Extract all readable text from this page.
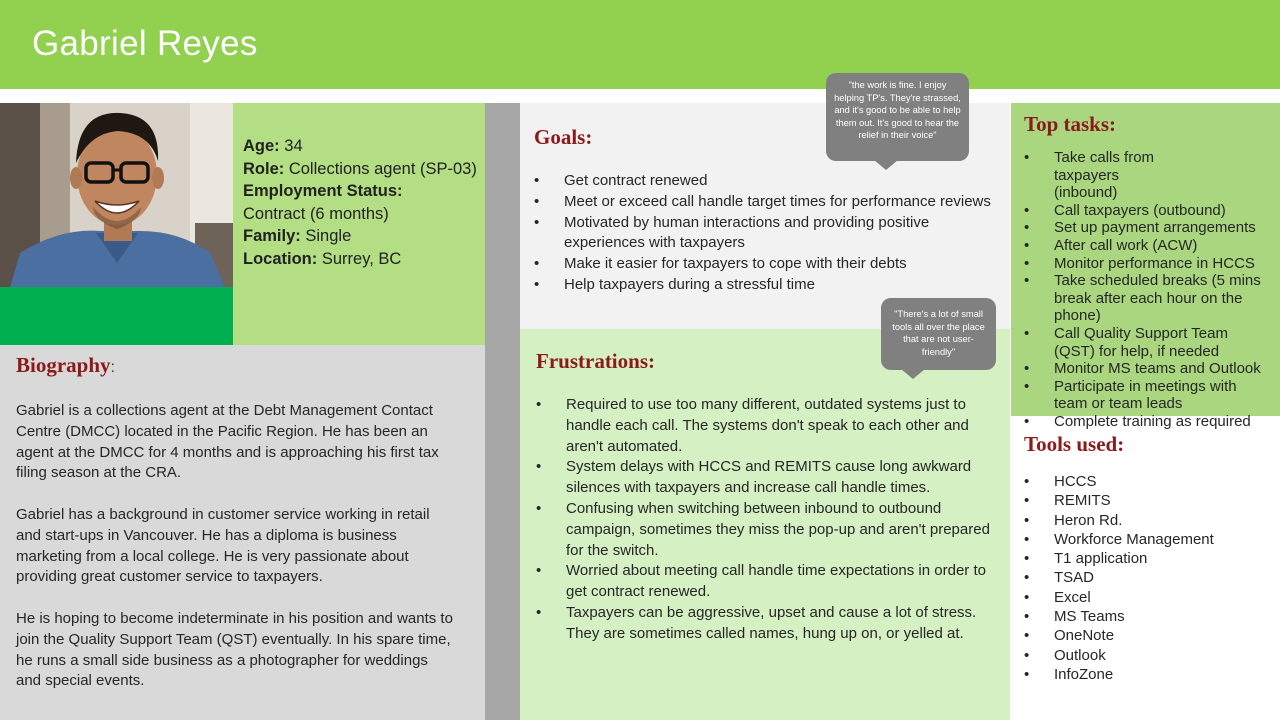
Gabriel Reyes
Age: 34
Role: Collections agent (SP-03)
Employment Status:
Contract (6 months)
Family: Single
Location: Surrey, BC
Biography:

Gabriel is a collections agent at the Debt Management Contact Centre (DMCC) located in the Pacific Region. He has been an agent at the DMCC for 4 months and is approaching his first tax filing season at the CRA.

Gabriel has a background in customer service working in retail and start-ups in Vancouver. He has a diploma is business marketing from a local college. He is very passionate about providing great customer service to taxpayers.

He is hoping to become indeterminate in his position and wants to join the Quality Support Team (QST) eventually. In his spare time, he runs a small side business as a photographer for weddings and special events.

Goals:
• Get contract renewed
• Meet or exceed call handle target times for performance reviews
• Motivated by human interactions and providing positive experiences with taxpayers
• Make it easier for taxpayers to cope with their debts
• Help taxpayers during a stressful time
Frustrations:
• Required to use too many different, outdated systems just to handle each call. The systems don't speak to each other and aren't automated.
• System delays with HCCS and REMITS cause long awkward silences with taxpayers and increase call handle times.
• Confusing when switching between inbound to outbound campaign, sometimes they miss the pop-up and aren't prepared for the switch.
• Worried about meeting call handle time expectations in order to get contract renewed.
• Taxpayers can be aggressive, upset and cause a lot of stress. They are sometimes called names, hung up on, or yelled at.
"the work is fine. I enjoy helping TP's. They're strassed, and it's good to be able to help them out. It's good to hear the relief in their voice"
"There's a lot of small tools all over the place that are not user-friendly"
Top tasks:
• Take calls from taxpayers (inbound)
• Call taxpayers (outbound)
• Set up payment arrangements
• After call work (ACW)
• Monitor performance in HCCS
• Take scheduled breaks (5 mins break after each hour on the phone)
• Call Quality Support Team (QST) for help, if needed
• Monitor MS teams and Outlook
• Participate in meetings with team or team leads
• Complete training as required
Tools used:
• HCCS
• REMITS
• Heron Rd.
• Workforce Management
• T1 application
• TSAD
• Excel
• MS Teams
• OneNote
• Outlook
• InfoZone
